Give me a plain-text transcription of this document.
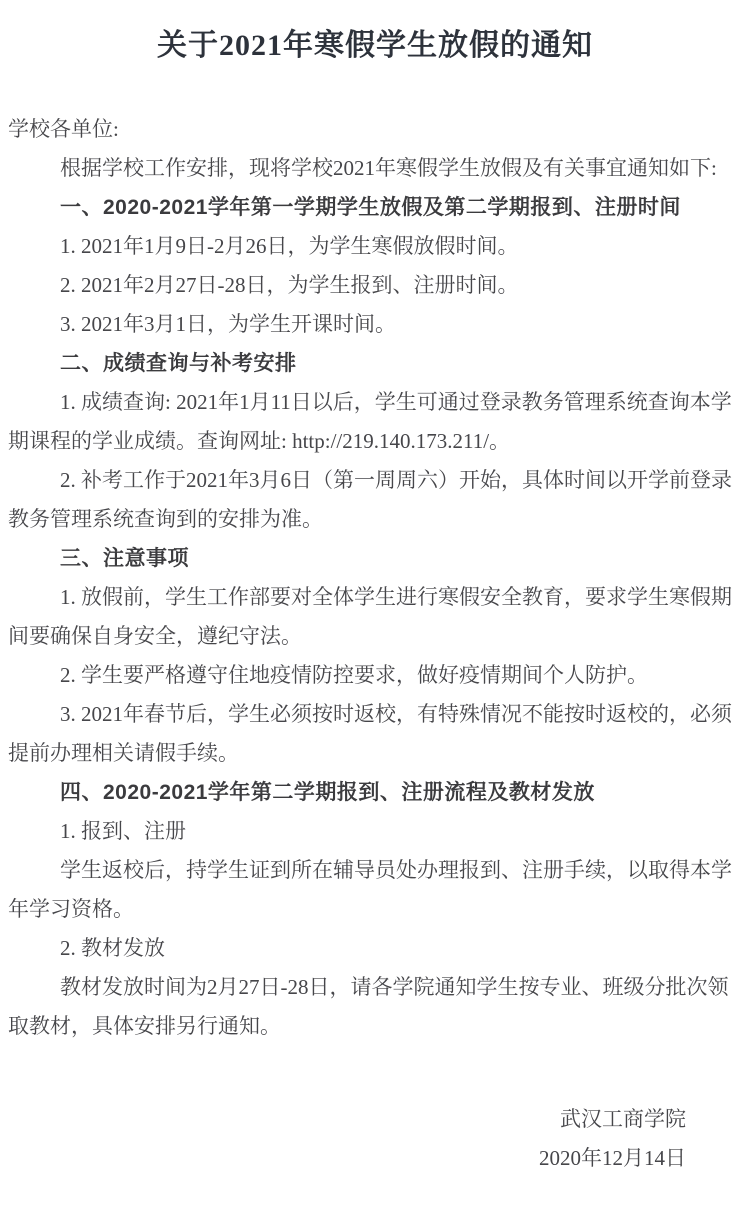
关于2021年寒假学生放假的通知

学校各单位:

根据学校工作安排，现将学校2021年寒假学生放假及有关事宜通知如下:

一、2020-2021学年第一学期学生放假及第二学期报到、注册时间

1. 2021年1月9日-2月26日，为学生寒假放假时间。

2. 2021年2月27日-28日，为学生报到、注册时间。

3. 2021年3月1日，为学生开课时间。

二、成绩查询与补考安排

1. 成绩查询: 2021年1月11日以后，学生可通过登录教务管理系统查询本学期课程的学业成绩。查询网址: http://219.140.173.211/。

2. 补考工作于2021年3月6日（第一周周六）开始，具体时间以开学前登录教务管理系统查询到的安排为准。

三、注意事项

1. 放假前，学生工作部要对全体学生进行寒假安全教育，要求学生寒假期间要确保自身安全，遵纪守法。

2. 学生要严格遵守住地疫情防控要求，做好疫情期间个人防护。

3. 2021年春节后，学生必须按时返校，有特殊情况不能按时返校的，必须提前办理相关请假手续。

四、2020-2021学年第二学期报到、注册流程及教材发放

1. 报到、注册

学生返校后，持学生证到所在辅导员处办理报到、注册手续，以取得本学年学习资格。

2. 教材发放

教材发放时间为2月27日-28日，请各学院通知学生按专业、班级分批次领取教材，具体安排另行通知。

武汉工商学院

2020年12月14日
